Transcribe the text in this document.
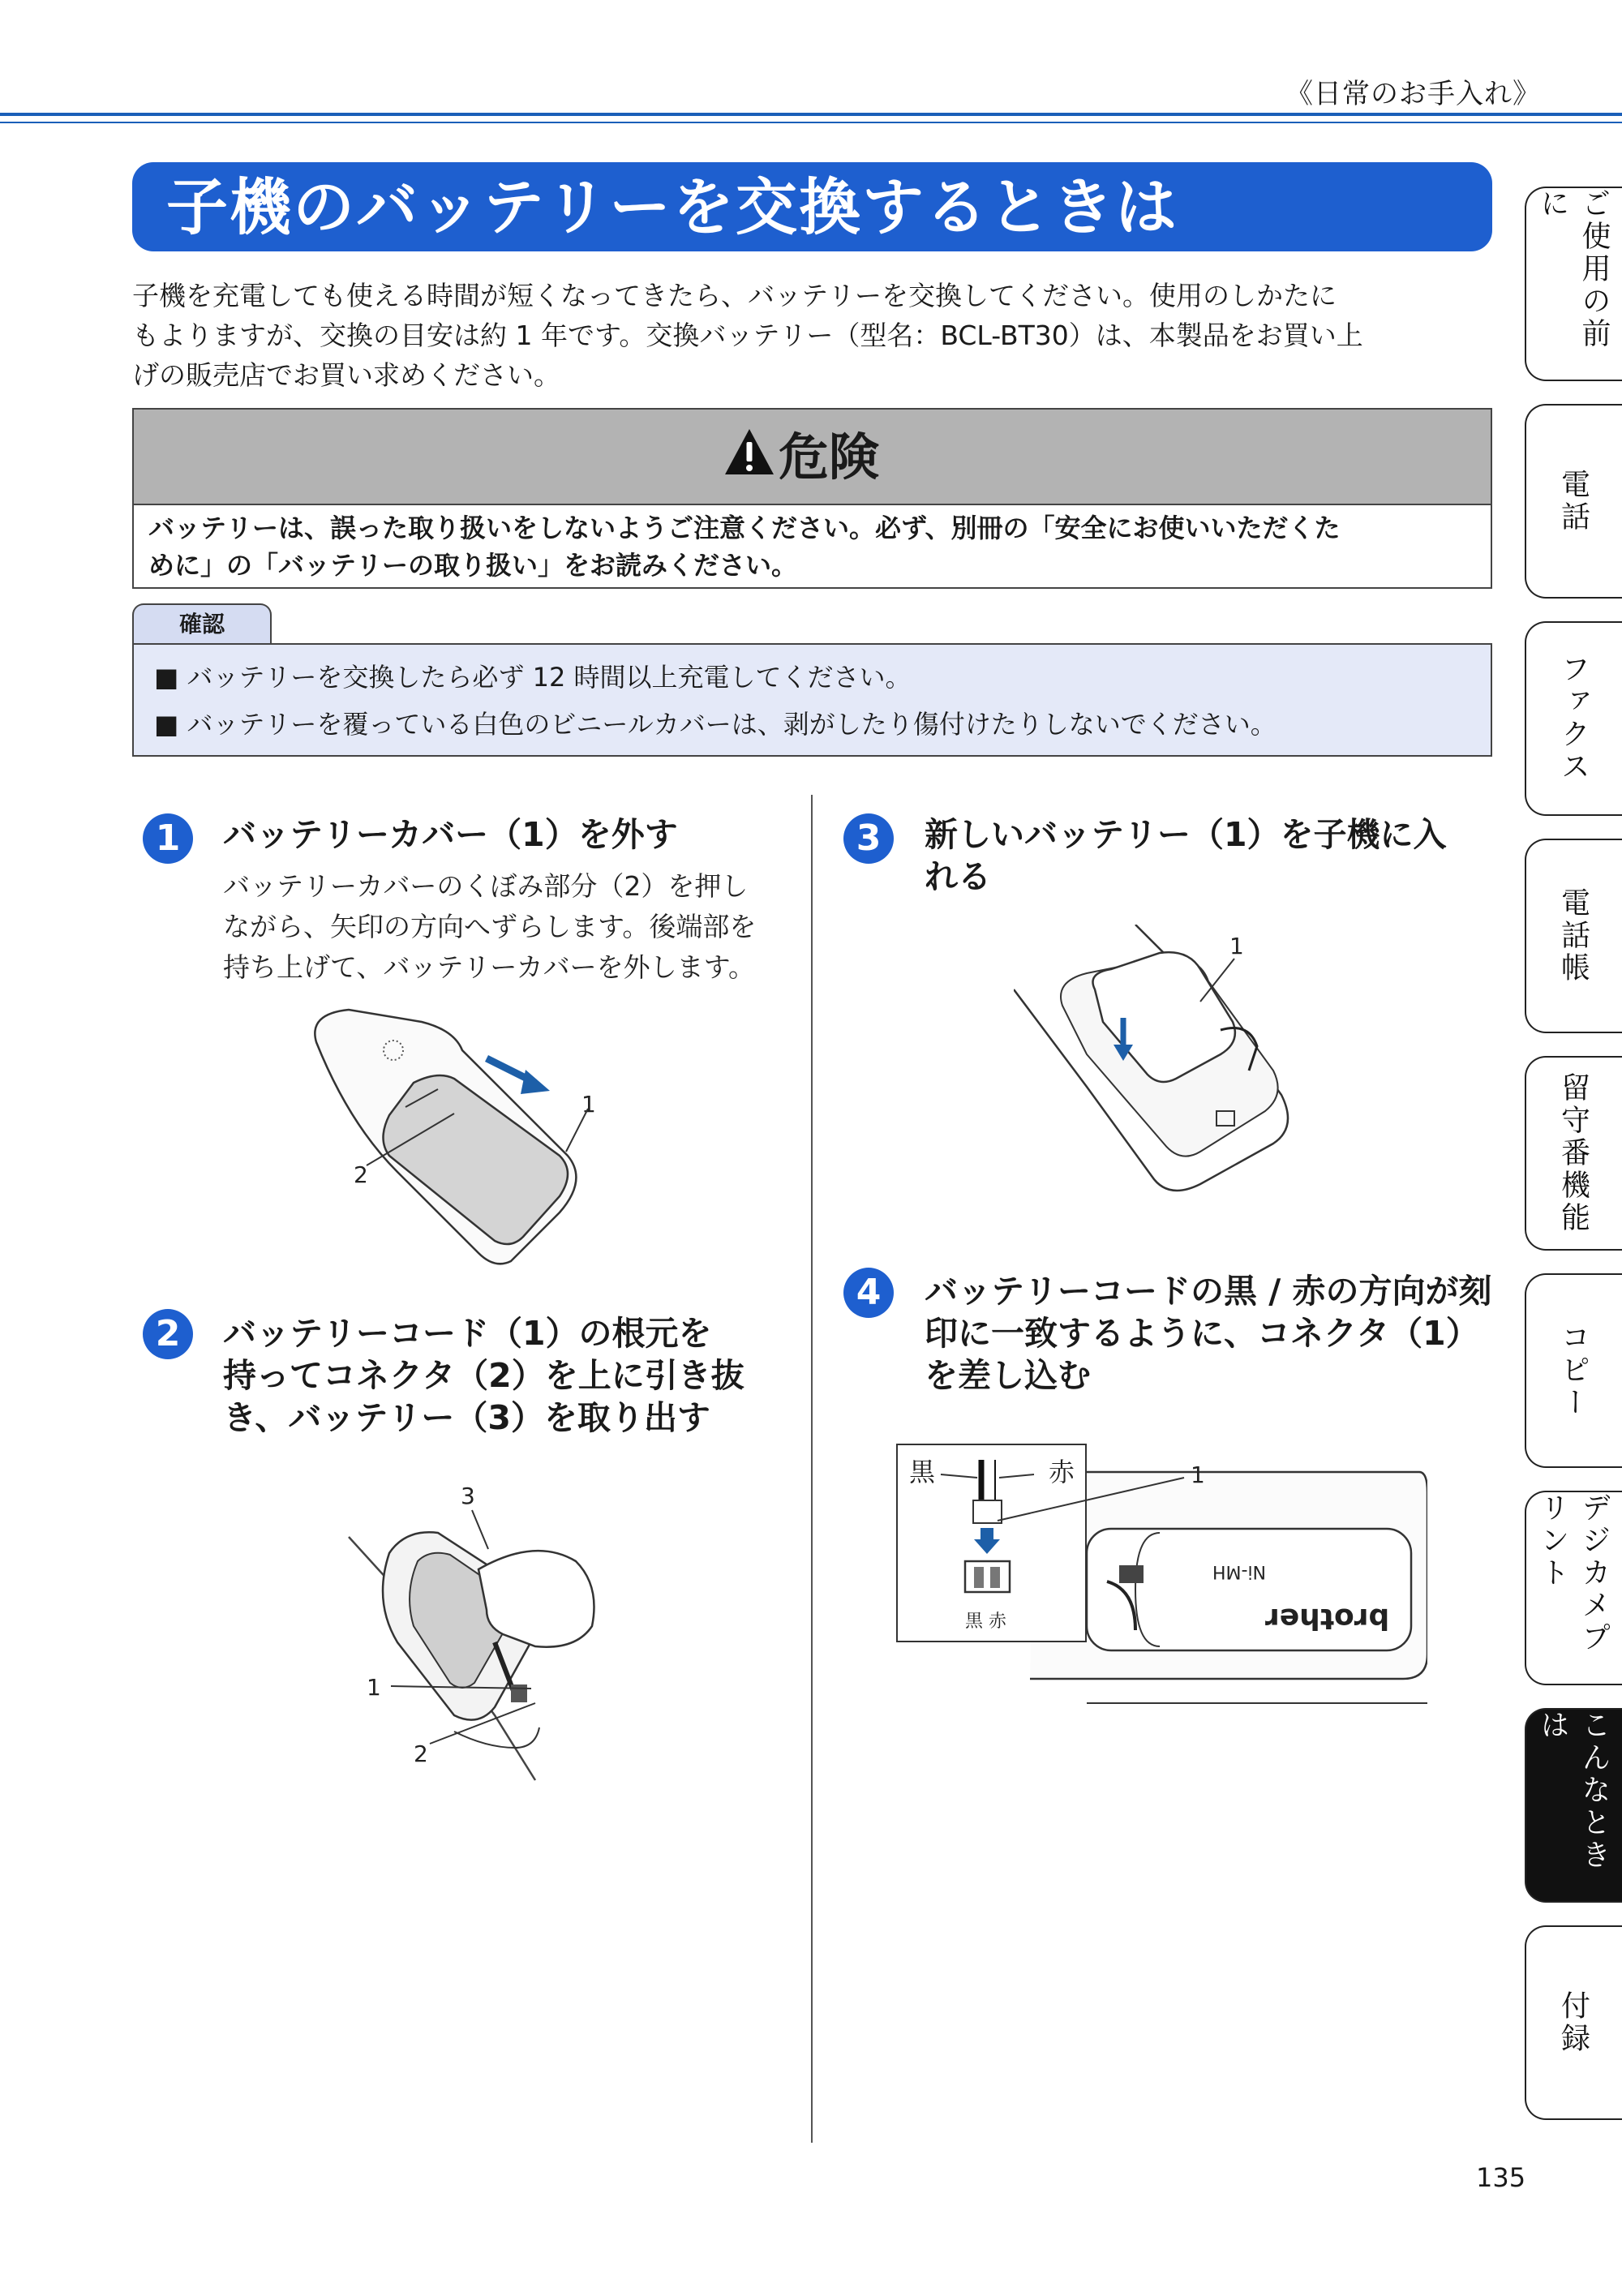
《日常のお手入れ》
子機のバッテリーを交換するときは
子機を充電しても使える時間が短くなってきたら、バッテリーを交換してください。使用のしかたに
もよりますが、交換の目安は約 1 年です。交換バッテリー（型名：BCL-BT30）は、本製品をお買い上
げの販売店でお買い求めください。
危険
バッテリーは、誤った取り扱いをしないようご注意ください。必ず、別冊の「安全にお使いいただくた
めに」の「バッテリーの取り扱い」をお読みください。
確認
■ バッテリーを交換したら必ず 12 時間以上充電してください。
■ バッテリーを覆っている白色のビニールカバーは、剥がしたり傷付けたりしないでください。
1	バッテリーカバー（1）を外す
バッテリーカバーのくぼみ部分（2）を押し
ながら、矢印の方向へずらします。後端部を
持ち上げて、バッテリーカバーを外します。
1
2
2	バッテリーコード（1）の根元を
持ってコネクタ（2）を上に引き抜
き、バッテリー（3）を取り出す
3
1
2
3	新しいバッテリー（1）を子機に入
れる
1
4	バッテリーコードの黒 / 赤の方向が刻
印に一致するように、コネクタ（1）
を差し込む
黒	赤
黒 赤
1
brother
Ni-MH
ご使用の前に
電話
ファクス
電話帳
留守番機能
コピー
デジカメプリント
こんなときは
付録
135
